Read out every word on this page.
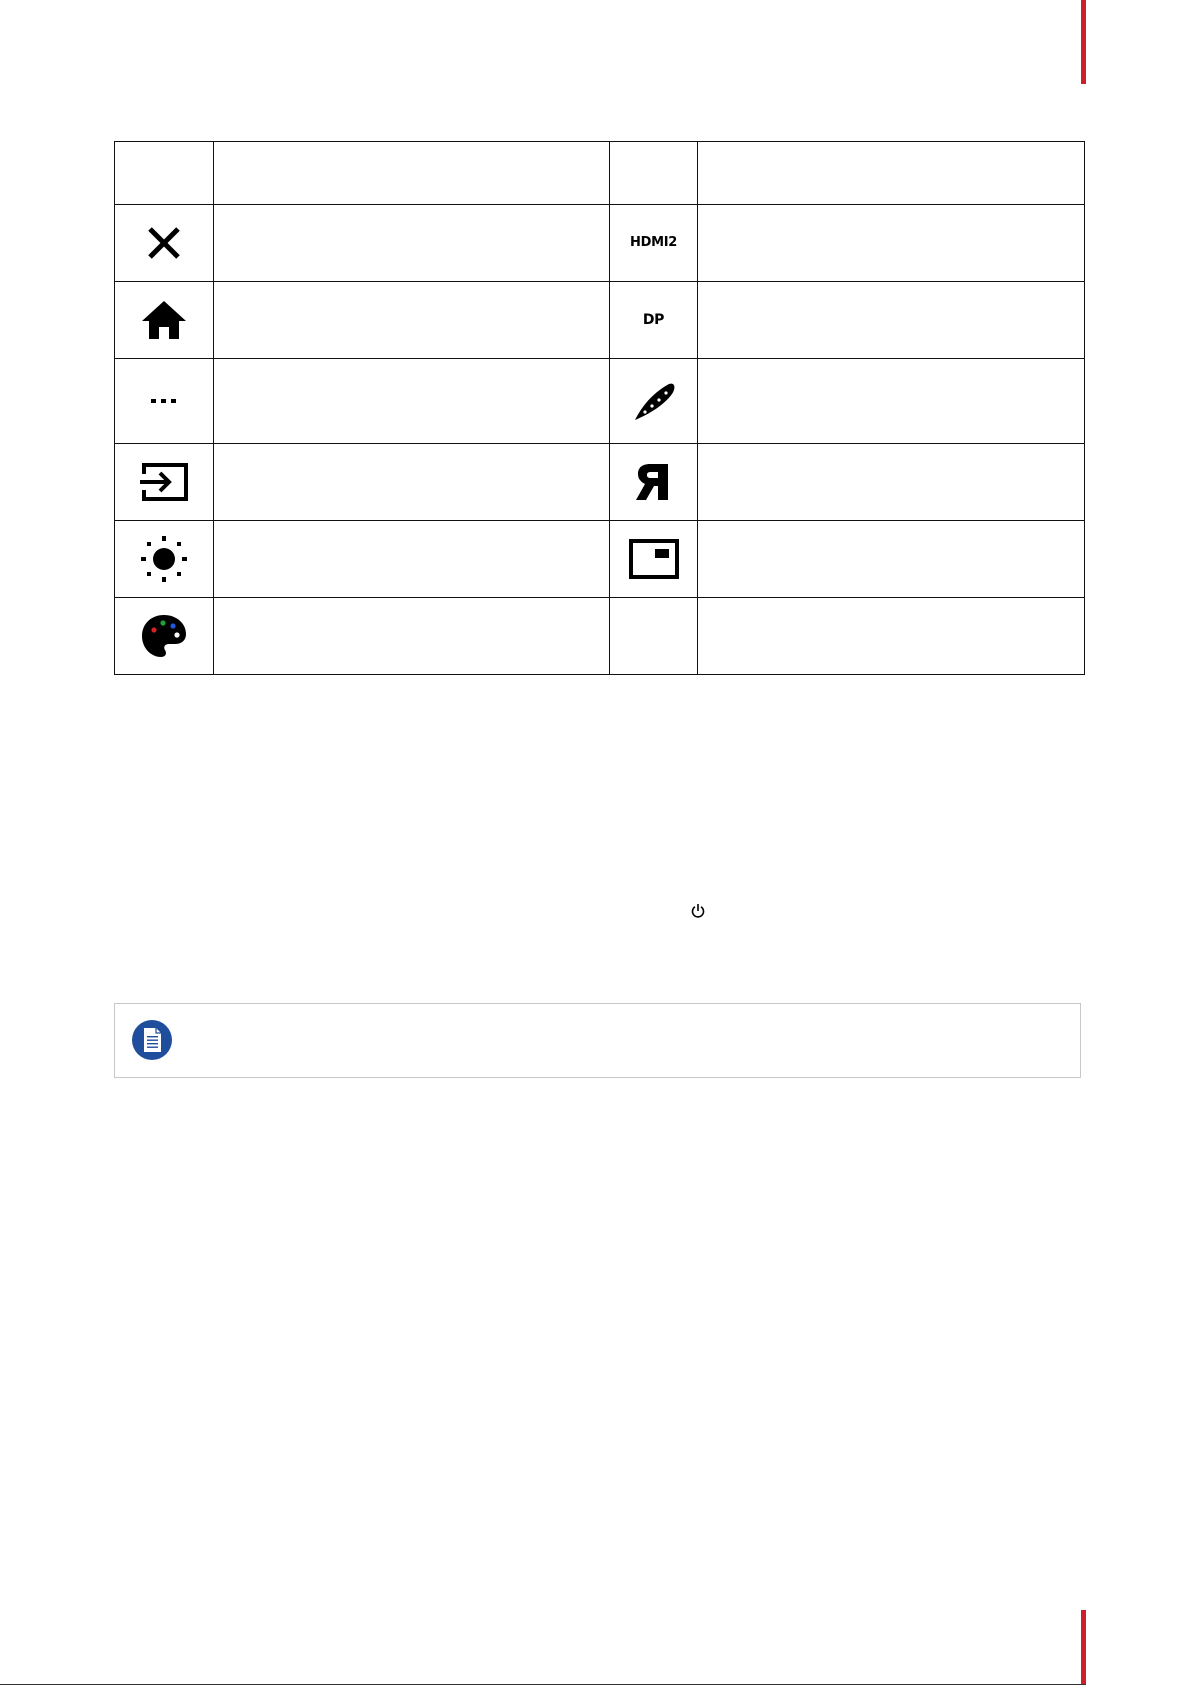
		HDMI2	
		DP	
